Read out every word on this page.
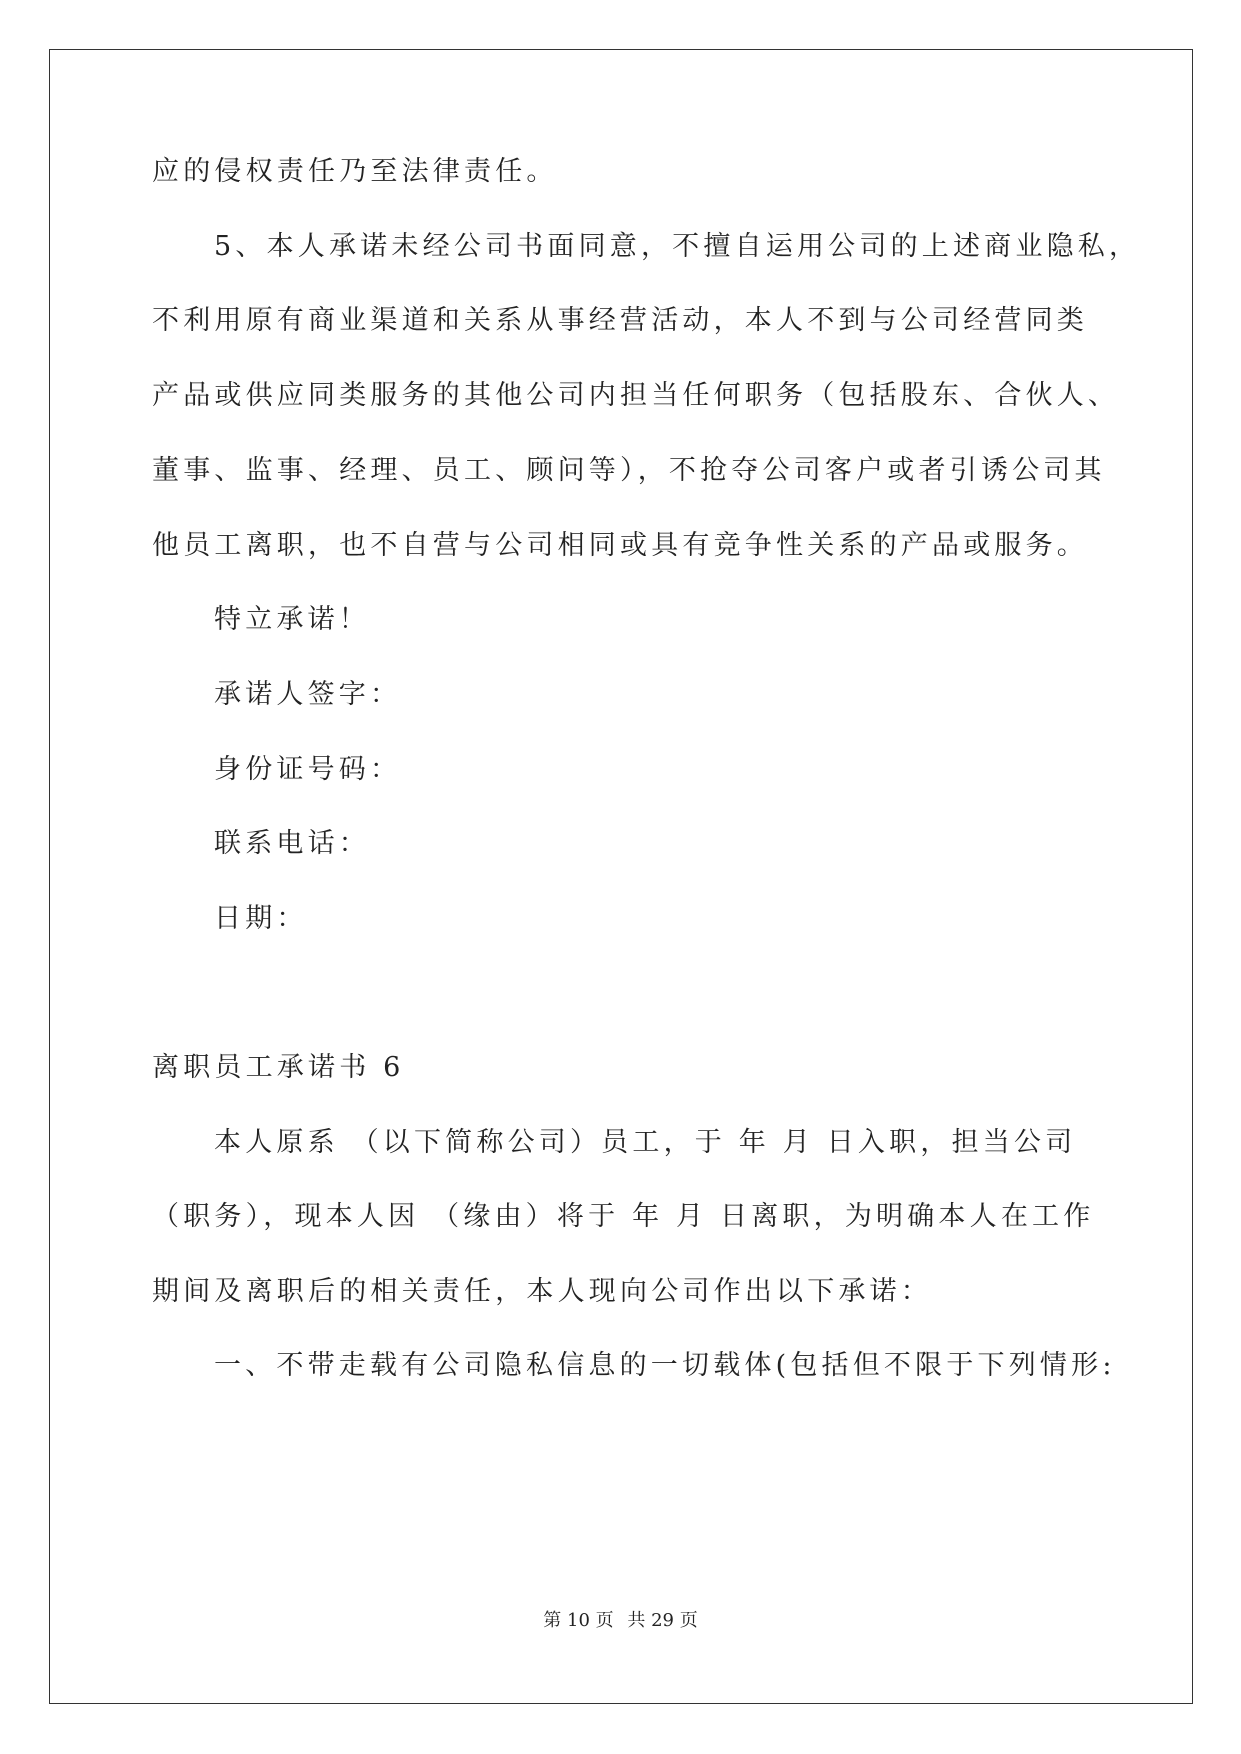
应的侵权责任乃至法律责任。
5、本人承诺未经公司书面同意，不擅自运用公司的上述商业隐私，
不利用原有商业渠道和关系从事经营活动，本人不到与公司经营同类
产品或供应同类服务的其他公司内担当任何职务（包括股东、合伙人、
董事、监事、经理、员工、顾问等），不抢夺公司客户或者引诱公司其
他员工离职，也不自营与公司相同或具有竞争性关系的产品或服务。
特立承诺！
承诺人签字：
身份证号码：
联系电话：
日期：
离职员工承诺书 6
本人原系 （以下简称公司）员工，于 年 月 日入职，担当公司
（职务），现本人因 （缘由）将于 年 月 日离职，为明确本人在工作
期间及离职后的相关责任，本人现向公司作出以下承诺：
一、不带走载有公司隐私信息的一切载体(包括但不限于下列情形:
第 10 页 共 29 页
